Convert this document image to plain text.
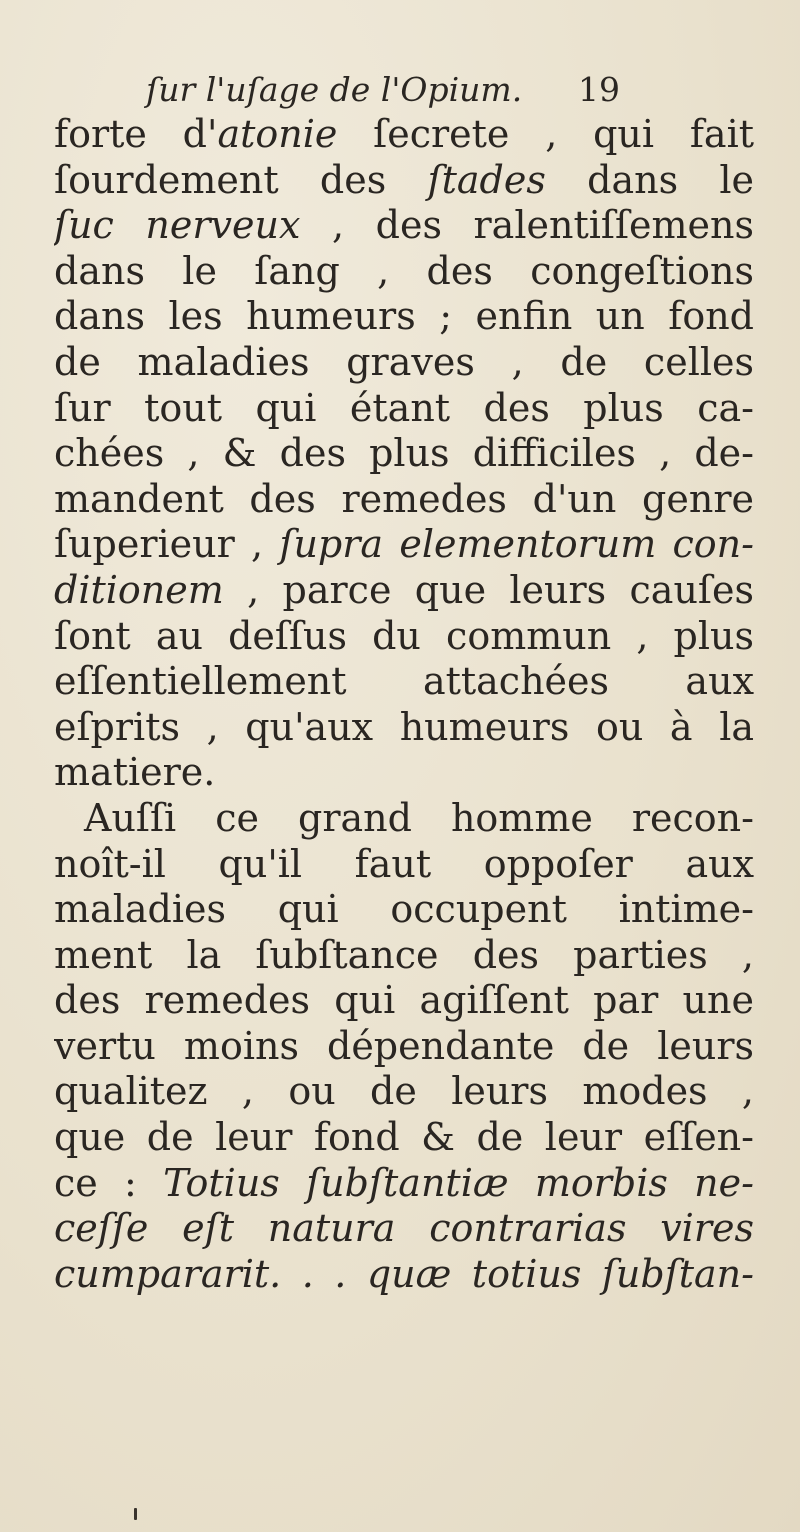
ſur l'uſage de l'Opium. 19
forte d'atonie ſecrete , qui fait
ſourdement des ſtades dans le
ſuc nerveux , des ralentiſſemens
dans le ſang , des congeſtions
dans les humeurs ; enfin un fond
de maladies graves , de celles
ſur tout qui étant des plus ca-
chées , & des plus difficiles , de-
mandent des remedes d'un genre
ſuperieur , ſupra elementorum con-
ditionem , parce que leurs cauſes
ſont au deſſus du commun , plus
eſſentiellement attachées aux
eſprits , qu'aux humeurs ou à la
matiere.
Auſſi ce grand homme recon-
noît-il qu'il faut oppoſer aux
maladies qui occupent intime-
ment la ſubſtance des parties ,
des remedes qui agiſſent par une
vertu moins dépendante de leurs
qualitez , ou de leurs modes ,
que de leur fond & de leur eſſen-
ce : Totius ſubſtantiæ morbis ne-
ceſſe eſt natura contrarias vires
cumpararit. . . quæ totius ſubſtan-
